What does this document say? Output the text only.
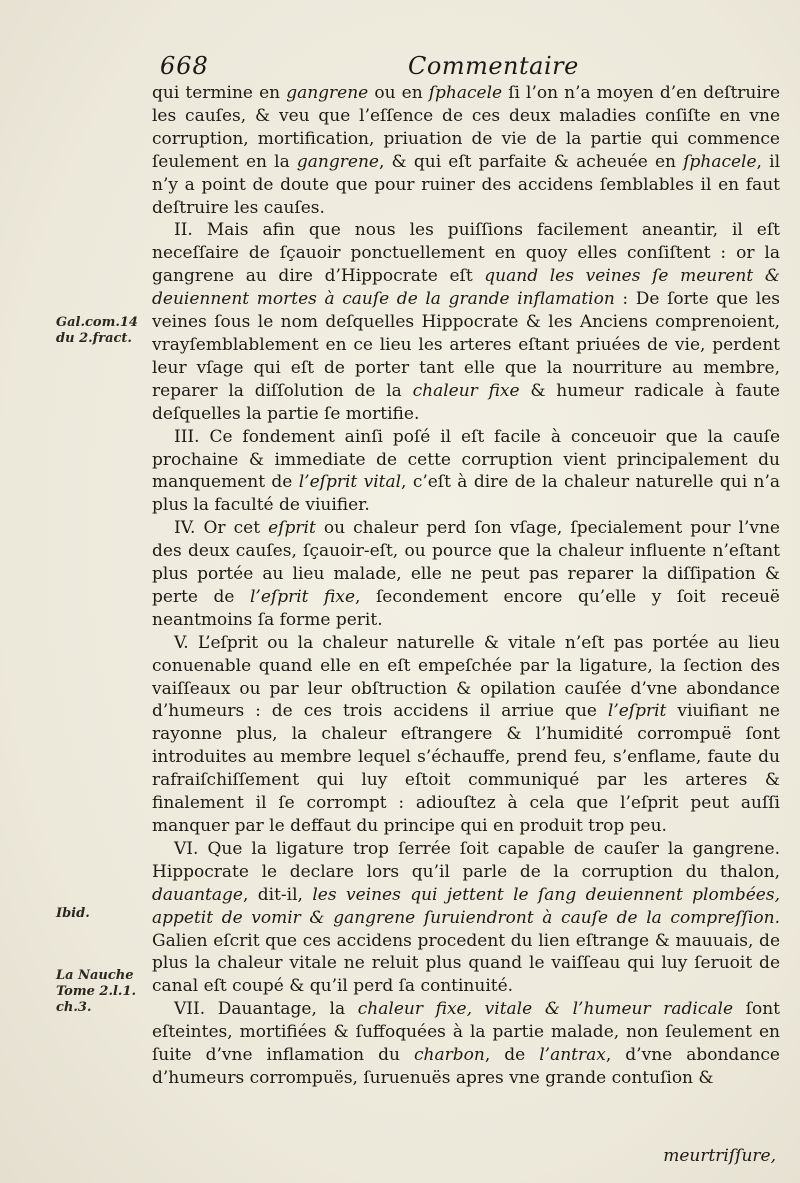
668	Commentaire
Gal.com.14 du 2.fract.
Ibid.
La Nauche Tome 2.l.1. ch.3.

qui termine en gangrene ou en ſphacele ſi l’on n’a moyen d’en deſtruire les cauſes, & veu que l’eſſence de ces deux maladies conſiſte en vne corruption, mortification, priuation de vie de la partie qui commence ſeulement en la gangrene, & qui eſt parfaite & acheuée en ſphacele, il n’y a point de doute que pour ruiner des accidens ſemblables il en faut deſtruire les cauſes.

II. Mais afin que nous les puiſſions facilement aneantir, il eſt neceſſaire de ſçauoir ponctuellement en quoy elles conſiſtent : or la gangrene au dire d’Hippocrate eſt quand les veines ſe meurent & deuiennent mortes à cauſe de la grande inflamation : De ſorte que les veines ſous le nom deſquelles Hippocrate & les Anciens comprenoient, vrayſemblablement en ce lieu les arteres eſtant priuées de vie, perdent leur vſage qui eſt de porter tant elle que la nourriture au membre, reparer la diſſolution de la chaleur fixe & humeur radicale à faute deſquelles la partie ſe mortifie.

III. Ce fondement ainſi poſé il eſt facile à conceuoir que la cauſe prochaine & immediate de cette corruption vient principalement du manquement de l’eſprit vital, c’eſt à dire de la chaleur naturelle qui n’a plus la faculté de viuifier.

IV. Or cet eſprit ou chaleur perd ſon vſage, ſpecialement pour l’vne des deux cauſes, ſçauoir-eſt, ou pource que la chaleur influente n’eſtant plus portée au lieu malade, elle ne peut pas reparer la diſſipation & perte de l’eſprit fixe, ſecondement encore qu’elle y ſoit receuë neantmoins ſa forme perit.

V. L’eſprit ou la chaleur naturelle & vitale n’eſt pas portée au lieu conuenable quand elle en eſt empeſchée par la ligature, la ſection des vaiſſeaux ou par leur obſtruction & opilation cauſée d’vne abondance d’humeurs : de ces trois accidens il arriue que l’eſprit viuifiant ne rayonne plus, la chaleur eſtrangere & l’humidité corrompuë ſont introduites au membre lequel s’échauffe, prend feu, s’enflame, faute du rafraiſchiſſement qui luy eſtoit communiqué par les arteres & finalement il ſe corrompt : adiouſtez à cela que l’eſprit peut auſſi manquer par le deffaut du principe qui en produit trop peu.

VI. Que la ligature trop ſerrée ſoit capable de cauſer la gangrene. Hippocrate le declare lors qu’il parle de la corruption du thalon, dauantage, dit-il, les veines qui jettent le ſang deuiennent plombées, appetit de vomir & gangrene ſuruiendront à cauſe de la compreſſion. Galien eſcrit que ces accidens procedent du lien eſtrange & mauuais, de plus la chaleur vitale ne reluit plus quand le vaiſſeau qui luy ſeruoit de canal eſt coupé & qu’il perd ſa continuité.

VII. Dauantage, la chaleur fixe, vitale & l’humeur radicale ſont eſteintes, mortifiées & ſuffoquées à la partie malade, non ſeulement en ſuite d’vne inflamation du charbon, de l’antrax, d’vne abondance d’humeurs corrompuës, ſuruenuës apres vne grande contuſion &

meurtriſſure,
